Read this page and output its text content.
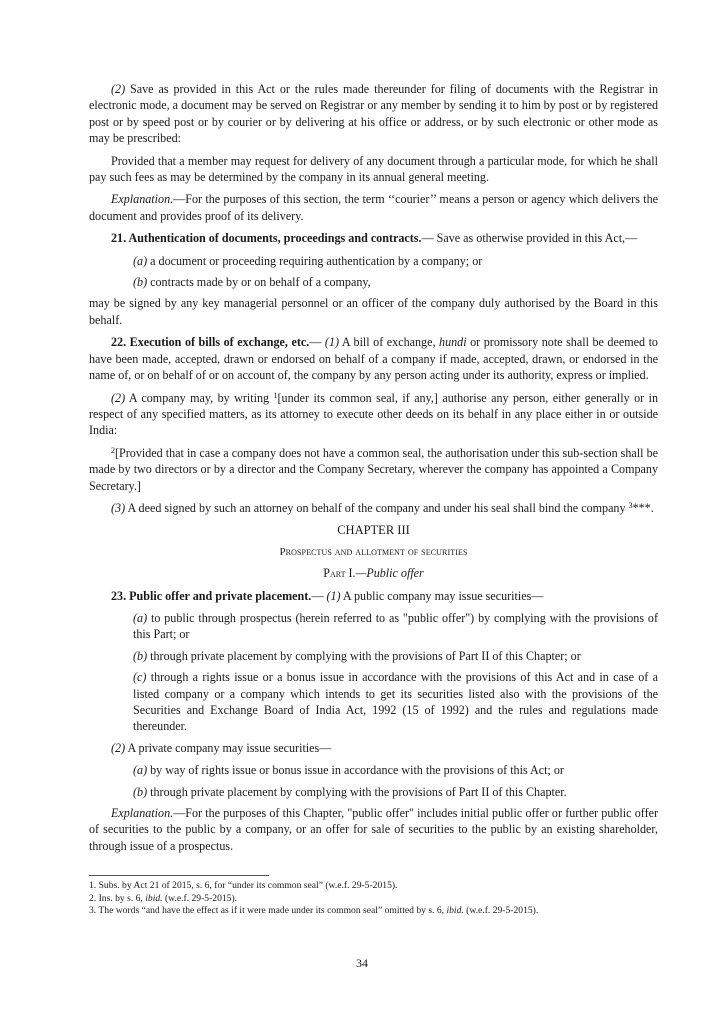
(2) Save as provided in this Act or the rules made thereunder for filing of documents with the Registrar in electronic mode, a document may be served on Registrar or any member by sending it to him by post or by registered post or by speed post or by courier or by delivering at his office or address, or by such electronic or other mode as may be prescribed:

Provided that a member may request for delivery of any document through a particular mode, for which he shall pay such fees as may be determined by the company in its annual general meeting.

Explanation.—For the purposes of this section, the term ‘‘courier’’ means a person or agency which delivers the document and provides proof of its delivery.

21. Authentication of documents, proceedings and contracts.— Save as otherwise provided in this Act,—

(a) a document or proceeding requiring authentication by a company; or

(b) contracts made by or on behalf of a company,

may be signed by any key managerial personnel or an officer of the company duly authorised by the Board in this behalf.

22. Execution of bills of exchange, etc.— (1) A bill of exchange, hundi or promissory note shall be deemed to have been made, accepted, drawn or endorsed on behalf of a company if made, accepted, drawn, or endorsed in the name of, or on behalf of or on account of, the company by any person acting under its authority, express or implied.

(2) A company may, by writing $^1$[under its common seal, if any,] authorise any person, either generally or in respect of any specified matters, as its attorney to execute other deeds on its behalf in any place either in or outside India:

$^2$[Provided that in case a company does not have a common seal, the authorisation under this sub-section shall be made by two directors or by a director and the Company Secretary, wherever the company has appointed a Company Secretary.]

(3) A deed signed by such an attorney on behalf of the company and under his seal shall bind the company $^3$***.

CHAPTER III

Prospectus and allotment of securities

Part I.—Public offer

23. Public offer and private placement.— (1) A public company may issue securities—

(a) to public through prospectus (herein referred to as "public offer") by complying with the provisions of this Part; or

(b) through private placement by complying with the provisions of Part II of this Chapter; or

(c) through a rights issue or a bonus issue in accordance with the provisions of this Act and in case of a listed company or a company which intends to get its securities listed also with the provisions of the Securities and Exchange Board of India Act, 1992 (15 of 1992) and the rules and regulations made thereunder.

(2) A private company may issue securities—

(a) by way of rights issue or bonus issue in accordance with the provisions of this Act; or

(b) through private placement by complying with the provisions of Part II of this Chapter.

Explanation.—For the purposes of this Chapter, "public offer" includes initial public offer or further public offer of securities to the public by a company, or an offer for sale of securities to the public by an existing shareholder, through issue of a prospectus.

1. Subs. by Act 21 of 2015, s. 6, for “under its common seal” (w.e.f. 29-5-2015).

2. Ins. by s. 6, ibid. (w.e.f. 29-5-2015).

3. The words “and have the effect as if it were made under its common seal” omitted by s. 6, ibid. (w.e.f. 29-5-2015).

34
